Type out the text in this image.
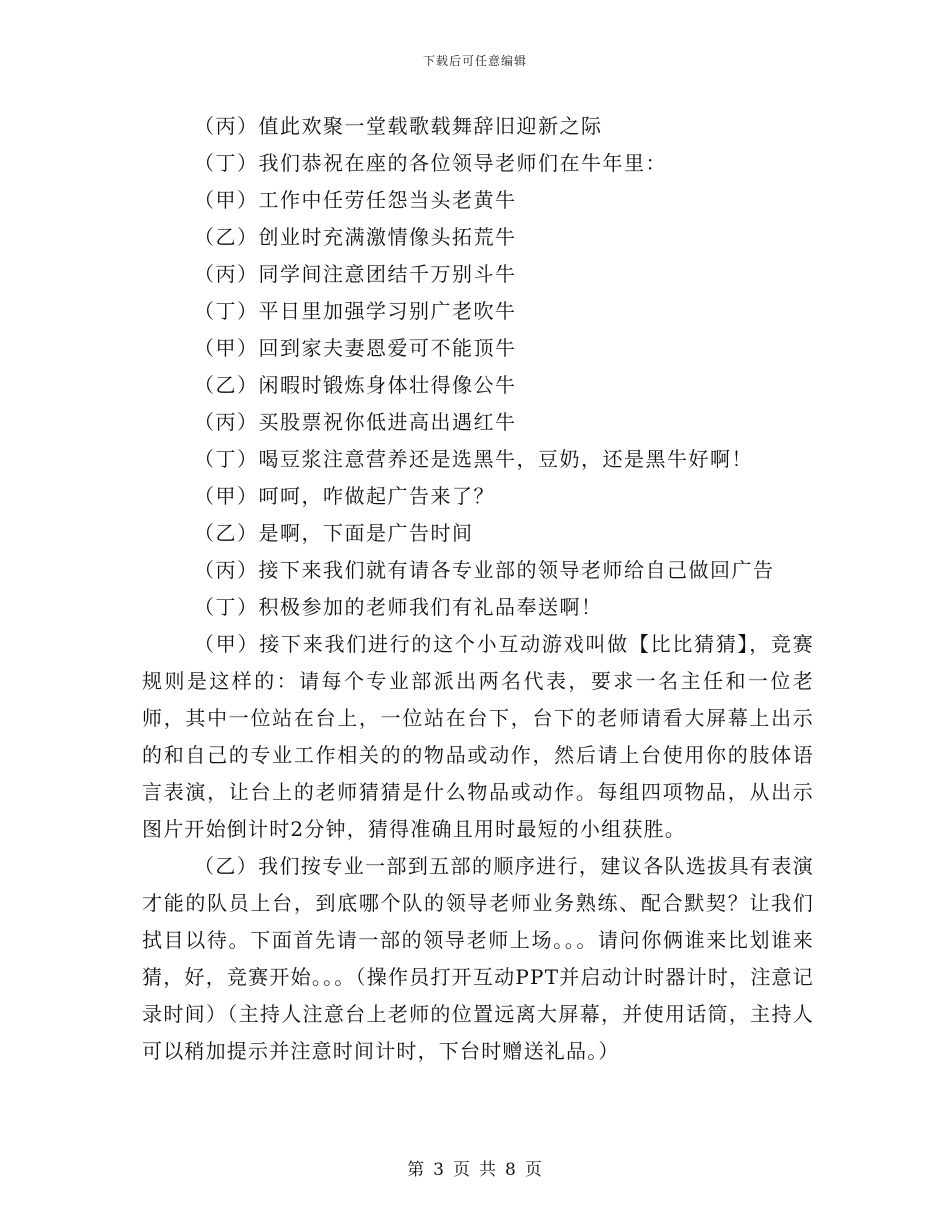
下载后可任意编辑
（丙）值此欢聚一堂载歌载舞辞旧迎新之际
（丁）我们恭祝在座的各位领导老师们在牛年里：
（甲）工作中任劳任怨当头老黄牛
（乙）创业时充满激情像头拓荒牛
（丙）同学间注意团结千万别斗牛
（丁）平日里加强学习别广老吹牛
（甲）回到家夫妻恩爱可不能顶牛
（乙）闲暇时锻炼身体壮得像公牛
（丙）买股票祝你低进高出遇红牛
（丁）喝豆浆注意营养还是选黑牛，豆奶，还是黑牛好啊！
（甲）呵呵，咋做起广告来了？
（乙）是啊，下面是广告时间
（丙）接下来我们就有请各专业部的领导老师给自己做回广告
（丁）积极参加的老师我们有礼品奉送啊！
（甲）接下来我们进行的这个小互动游戏叫做【比比猜猜】，竞赛规则是这样的：请每个专业部派出两名代表，要求一名主任和一位老师，其中一位站在台上，一位站在台下，台下的老师请看大屏幕上出示的和自己的专业工作相关的的物品或动作，然后请上台使用你的肢体语言表演，让台上的老师猜猜是什么物品或动作。每组四项物品，从出示图片开始倒计时2分钟，猜得准确且用时最短的小组获胜。
（乙）我们按专业一部到五部的顺序进行，建议各队选拔具有表演才能的队员上台，到底哪个队的领导老师业务熟练、配合默契？让我们拭目以待。下面首先请一部的领导老师上场。。。请问你俩谁来比划谁来猜，好，竞赛开始。。。（操作员打开互动PPT并启动计时器计时，注意记录时间）（主持人注意台上老师的位置远离大屏幕，并使用话筒，主持人可以稍加提示并注意时间计时，下台时赠送礼品。）
第 3 页 共 8 页
